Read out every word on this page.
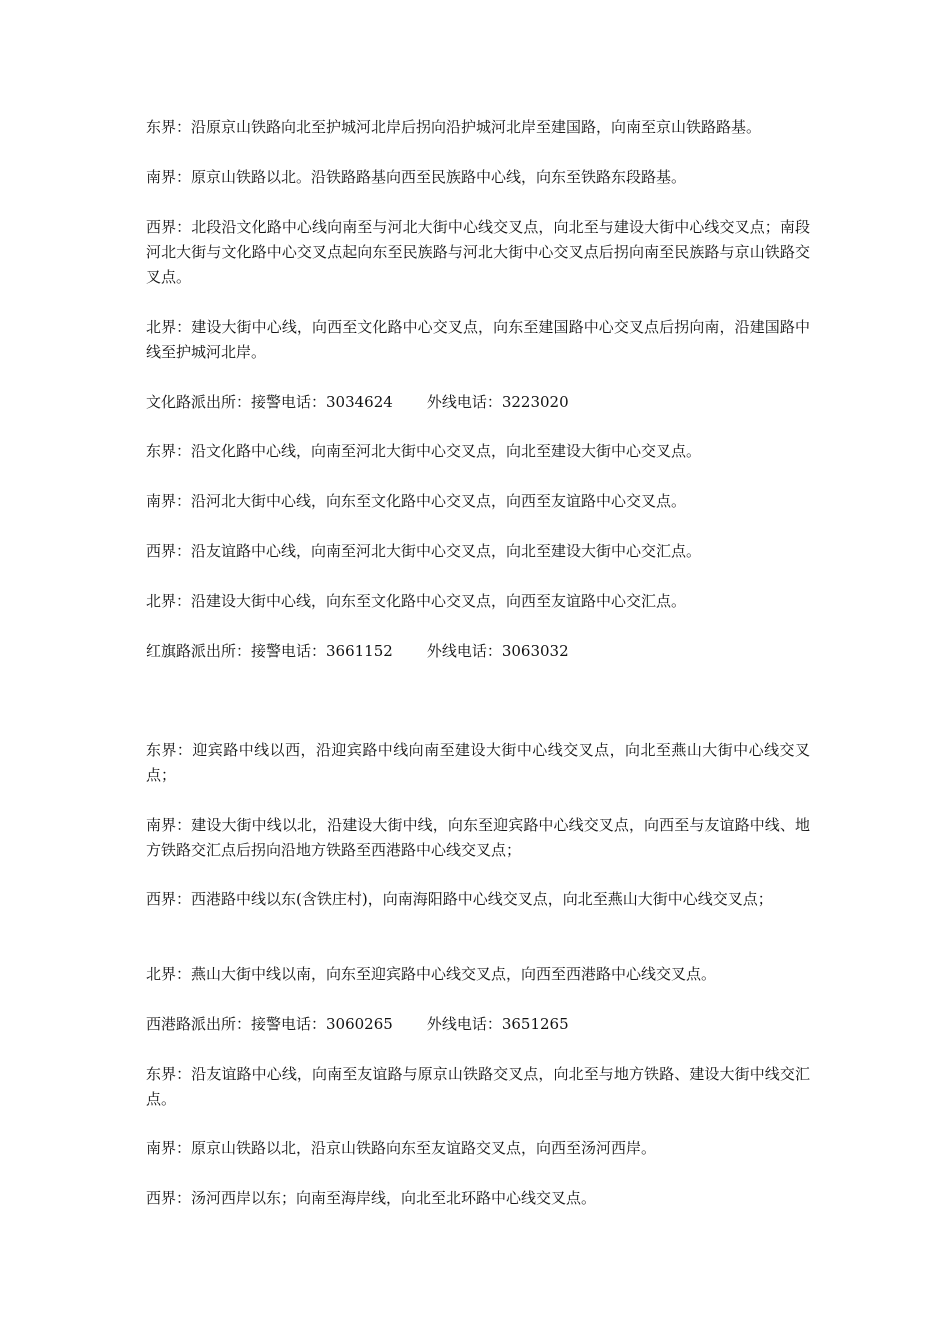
东界：沿原京山铁路向北至护城河北岸后拐向沿护城河北岸至建国路，向南至京山铁路路基。

南界：原京山铁路以北。沿铁路路基向西至民族路中心线，向东至铁路东段路基。

西界：北段沿文化路中心线向南至与河北大街中心线交叉点，向北至与建设大街中心线交叉点；南段河北大街与文化路中心交叉点起向东至民族路与河北大街中心交叉点后拐向南至民族路与京山铁路交叉点。

北界：建设大街中心线，向西至文化路中心交叉点，向东至建国路中心交叉点后拐向南，沿建国路中线至护城河北岸。

文化路派出所：接警电话：3034624 外线电话：3223020

东界：沿文化路中心线，向南至河北大街中心交叉点，向北至建设大街中心交叉点。

南界：沿河北大街中心线，向东至文化路中心交叉点，向西至友谊路中心交叉点。

西界：沿友谊路中心线，向南至河北大街中心交叉点，向北至建设大街中心交汇点。

北界：沿建设大街中心线，向东至文化路中心交叉点，向西至友谊路中心交汇点。

红旗路派出所：接警电话：3661152 外线电话：3063032

东界：迎宾路中线以西，沿迎宾路中线向南至建设大街中心线交叉点，向北至燕山大街中心线交叉点；

南界：建设大街中线以北，沿建设大街中线，向东至迎宾路中心线交叉点，向西至与友谊路中线、地方铁路交汇点后拐向沿地方铁路至西港路中心线交叉点；

西界：西港路中线以东(含铁庄村)，向南海阳路中心线交叉点，向北至燕山大街中心线交叉点；

北界：燕山大街中线以南，向东至迎宾路中心线交叉点，向西至西港路中心线交叉点。

西港路派出所：接警电话：3060265 外线电话：3651265

东界：沿友谊路中心线，向南至友谊路与原京山铁路交叉点，向北至与地方铁路、建设大街中线交汇点。

南界：原京山铁路以北，沿京山铁路向东至友谊路交叉点，向西至汤河西岸。

西界：汤河西岸以东；向南至海岸线，向北至北环路中心线交叉点。
